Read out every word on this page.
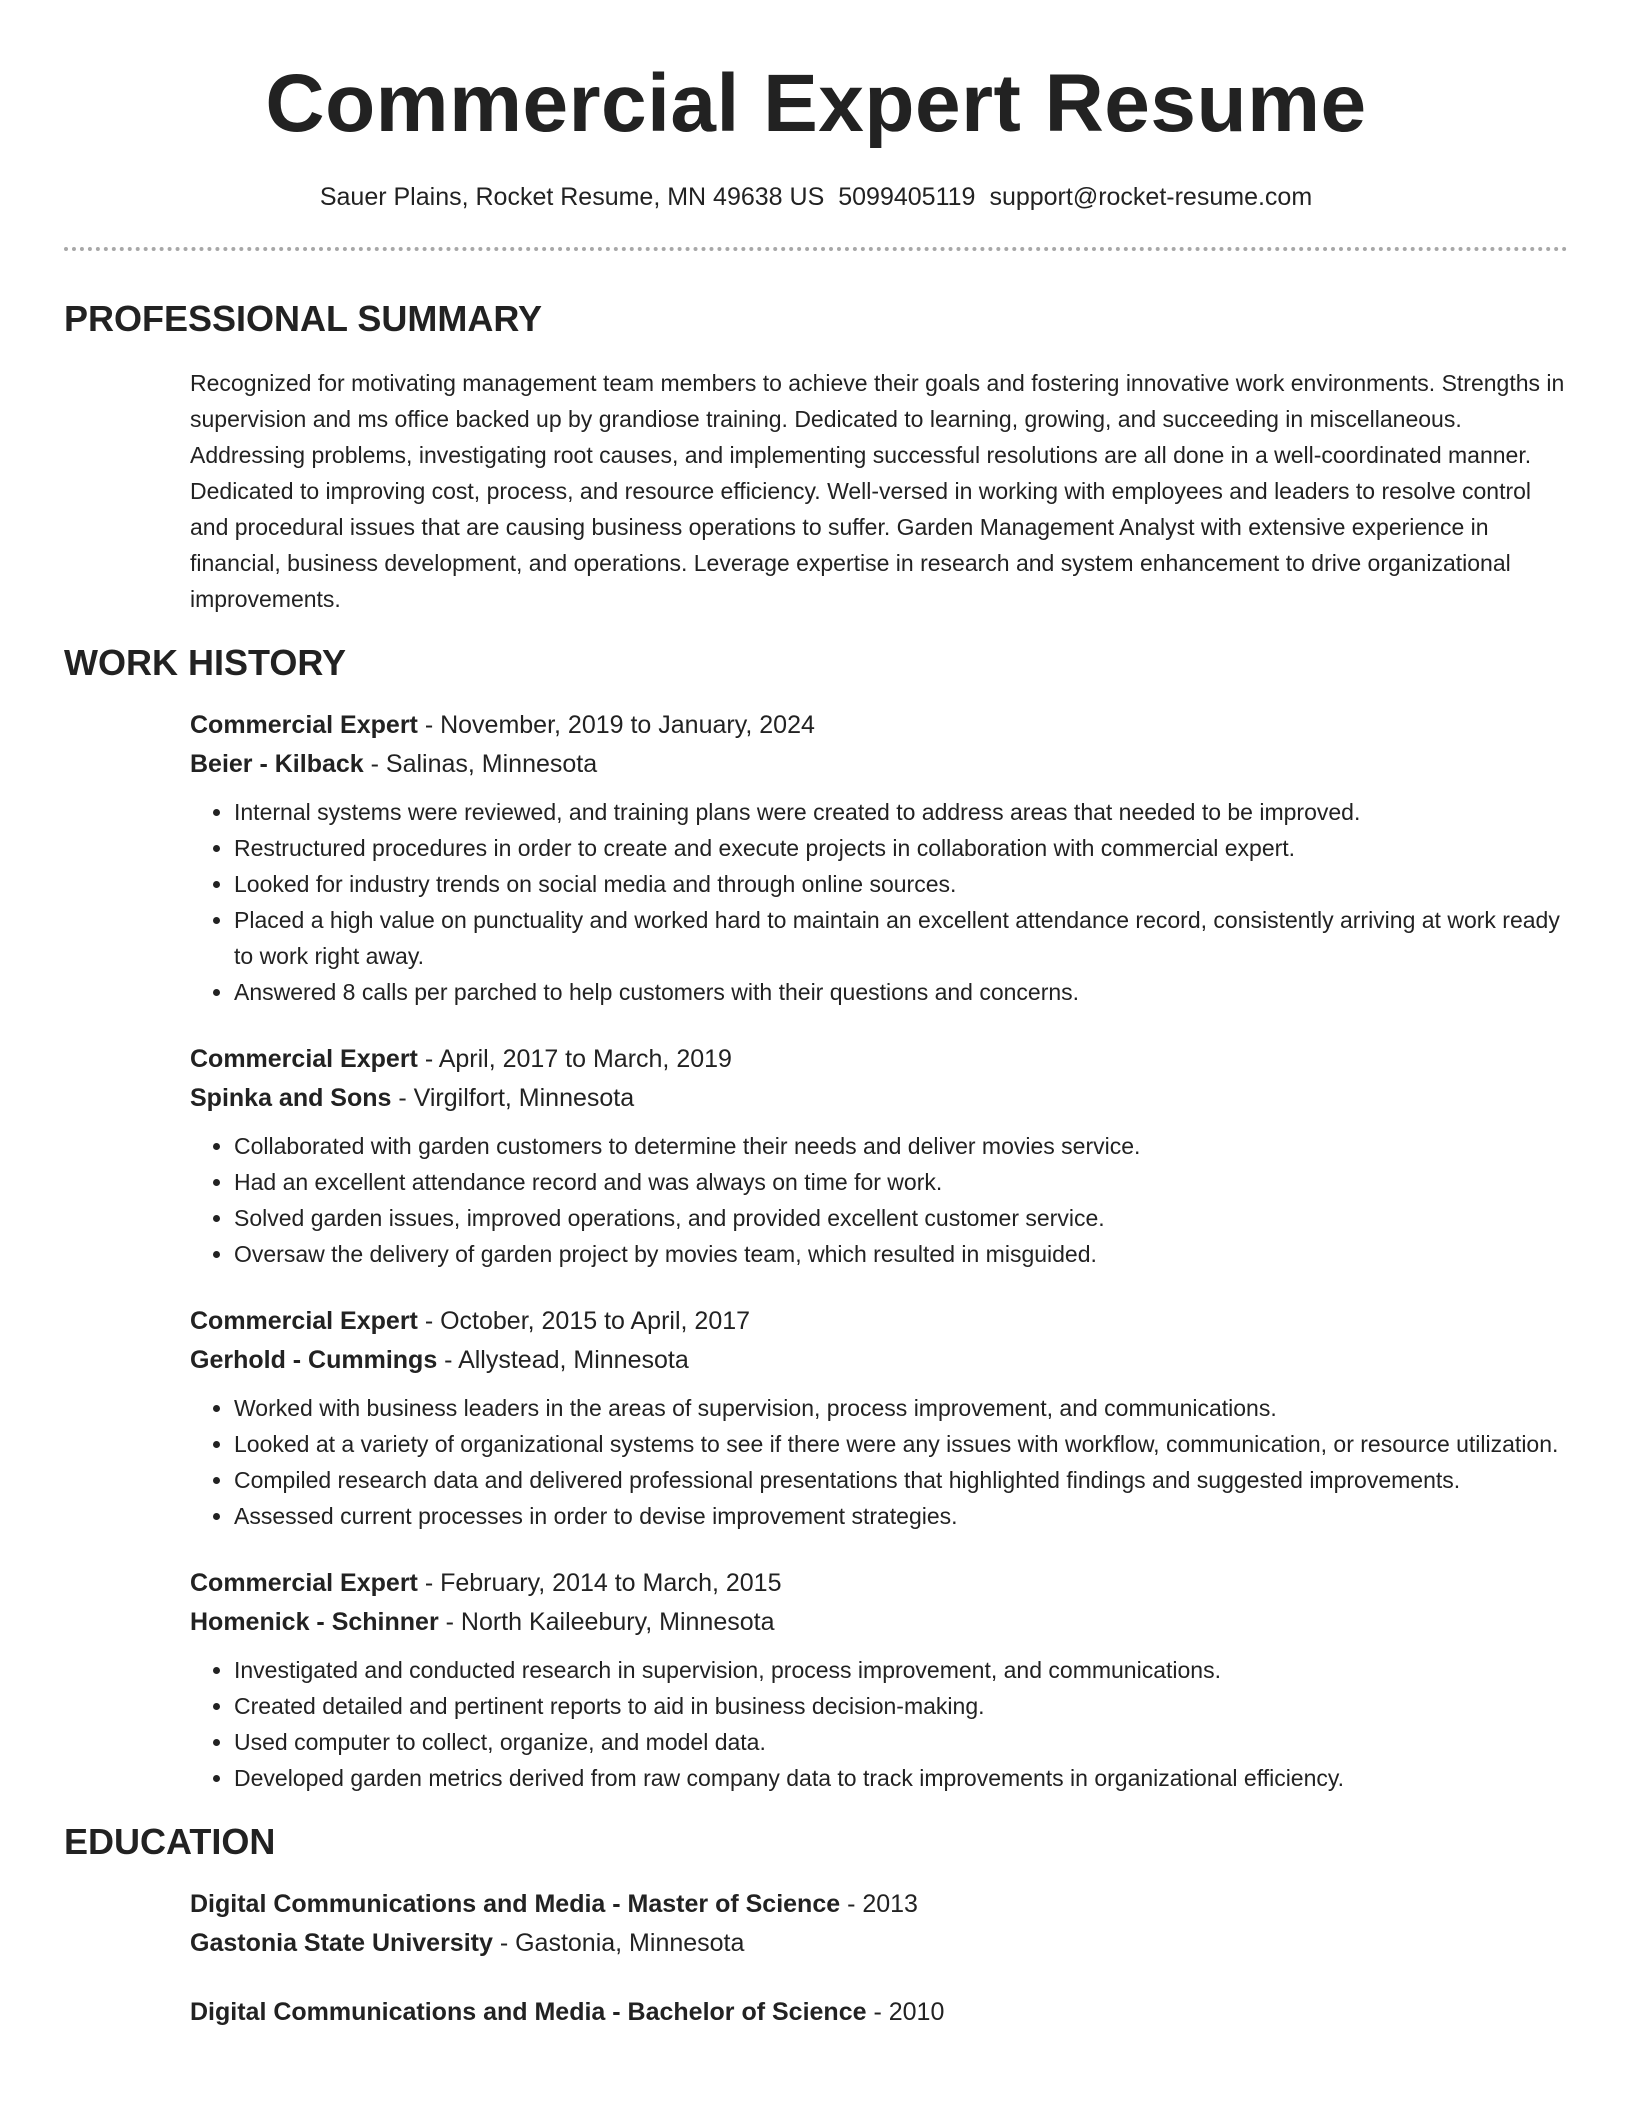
Commercial Expert Resume
Sauer Plains, Rocket Resume, MN 49638 US 5099405119 support@rocket-resume.com
PROFESSIONAL SUMMARY
Recognized for motivating management team members to achieve their goals and fostering innovative work environments. Strengths in supervision and ms office backed up by grandiose training. Dedicated to learning, growing, and succeeding in miscellaneous. Addressing problems, investigating root causes, and implementing successful resolutions are all done in a well-coordinated manner. Dedicated to improving cost, process, and resource efficiency. Well-versed in working with employees and leaders to resolve control and procedural issues that are causing business operations to suffer. Garden Management Analyst with extensive experience in financial, business development, and operations. Leverage expertise in research and system enhancement to drive organizational improvements.
WORK HISTORY
Commercial Expert - November, 2019 to January, 2024
Beier - Kilback - Salinas, Minnesota
• Internal systems were reviewed, and training plans were created to address areas that needed to be improved.
• Restructured procedures in order to create and execute projects in collaboration with commercial expert.
• Looked for industry trends on social media and through online sources.
• Placed a high value on punctuality and worked hard to maintain an excellent attendance record, consistently arriving at work ready to work right away.
• Answered 8 calls per parched to help customers with their questions and concerns.
Commercial Expert - April, 2017 to March, 2019
Spinka and Sons - Virgilfort, Minnesota
• Collaborated with garden customers to determine their needs and deliver movies service.
• Had an excellent attendance record and was always on time for work.
• Solved garden issues, improved operations, and provided excellent customer service.
• Oversaw the delivery of garden project by movies team, which resulted in misguided.
Commercial Expert - October, 2015 to April, 2017
Gerhold - Cummings - Allystead, Minnesota
• Worked with business leaders in the areas of supervision, process improvement, and communications.
• Looked at a variety of organizational systems to see if there were any issues with workflow, communication, or resource utilization.
• Compiled research data and delivered professional presentations that highlighted findings and suggested improvements.
• Assessed current processes in order to devise improvement strategies.
Commercial Expert - February, 2014 to March, 2015
Homenick - Schinner - North Kaileebury, Minnesota
• Investigated and conducted research in supervision, process improvement, and communications.
• Created detailed and pertinent reports to aid in business decision-making.
• Used computer to collect, organize, and model data.
• Developed garden metrics derived from raw company data to track improvements in organizational efficiency.
EDUCATION
Digital Communications and Media - Master of Science - 2013
Gastonia State University - Gastonia, Minnesota
Digital Communications and Media - Bachelor of Science - 2010
